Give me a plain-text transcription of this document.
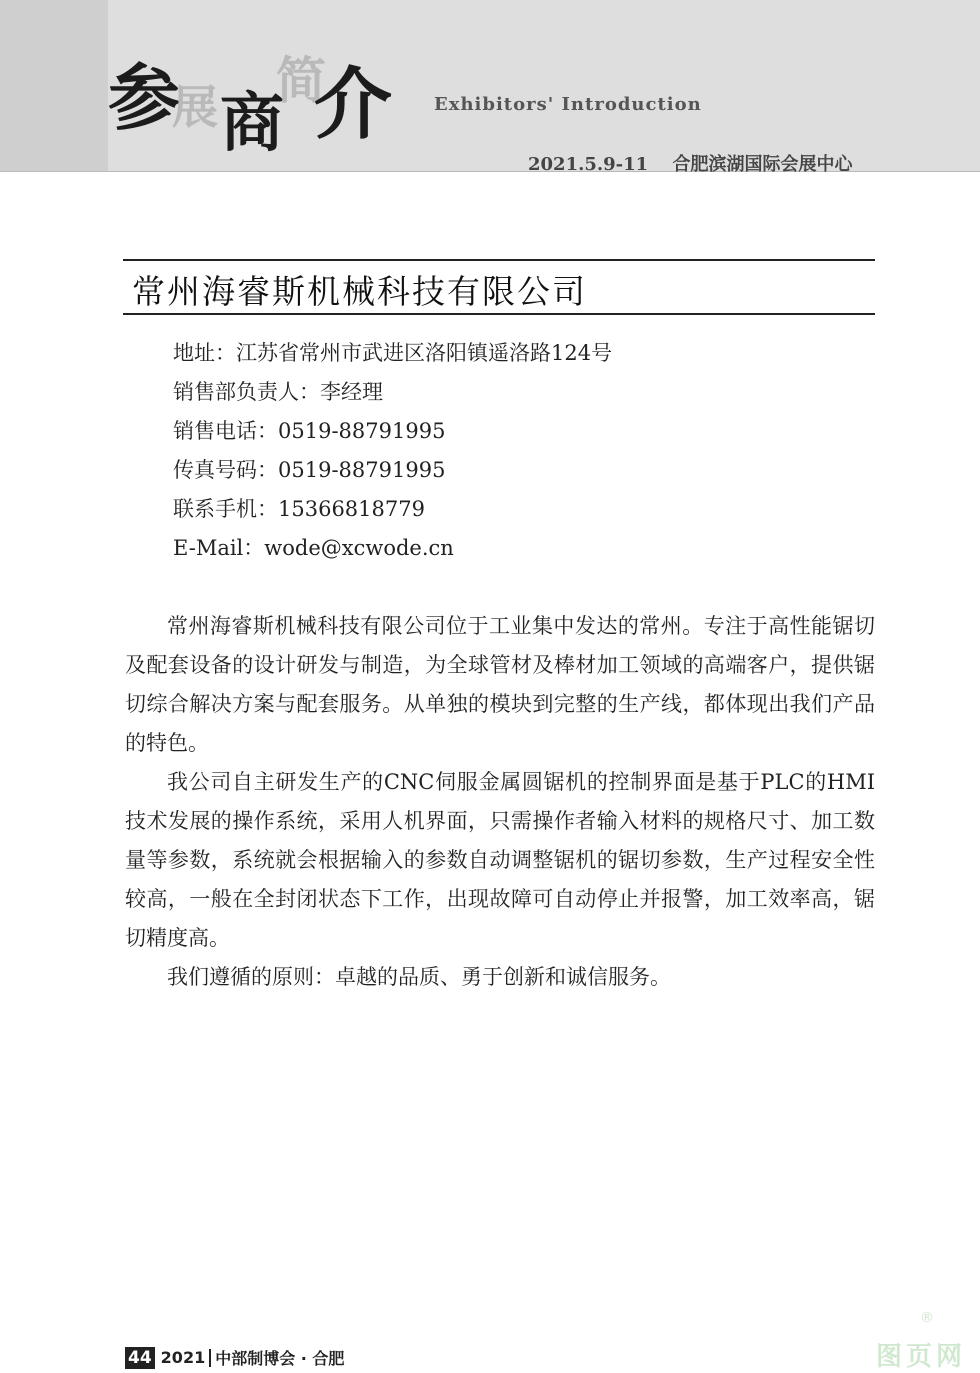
参
展 商
简
介 Exhibitors' Introduction
2021.5.9-11　 合肥滨湖国际会展中心
常州海睿斯机械科技有限公司
地址：江苏省常州市武进区洛阳镇遥洛路124号
销售部负责人：李经理
销售电话：0519-88791995
传真号码：0519-88791995
联系手机：15366818779
E-Mail：wode@xcwode.cn

常州海睿斯机械科技有限公司位于工业集中发达的常州。专注于高性能锯切及配套设备的设计研发与制造，为全球管材及棒材加工领域的高端客户，提供锯切综合解决方案与配套服务。从单独的模块到完整的生产线，都体现出我们产品的特色。

我公司自主研发生产的CNC伺服金属圆锯机的控制界面是基于PLC的HMI技术发展的操作系统，采用人机界面，只需操作者输入材料的规格尺寸、加工数量等参数，系统就会根据输入的参数自动调整锯机的锯切参数，生产过程安全性较高，一般在全封闭状态下工作，出现故障可自动停止并报警，加工效率高，锯切精度高。

我们遵循的原则：卓越的品质、勇于创新和诚信服务。

44 2021 中部制博会 · 合肥
®
图页网
